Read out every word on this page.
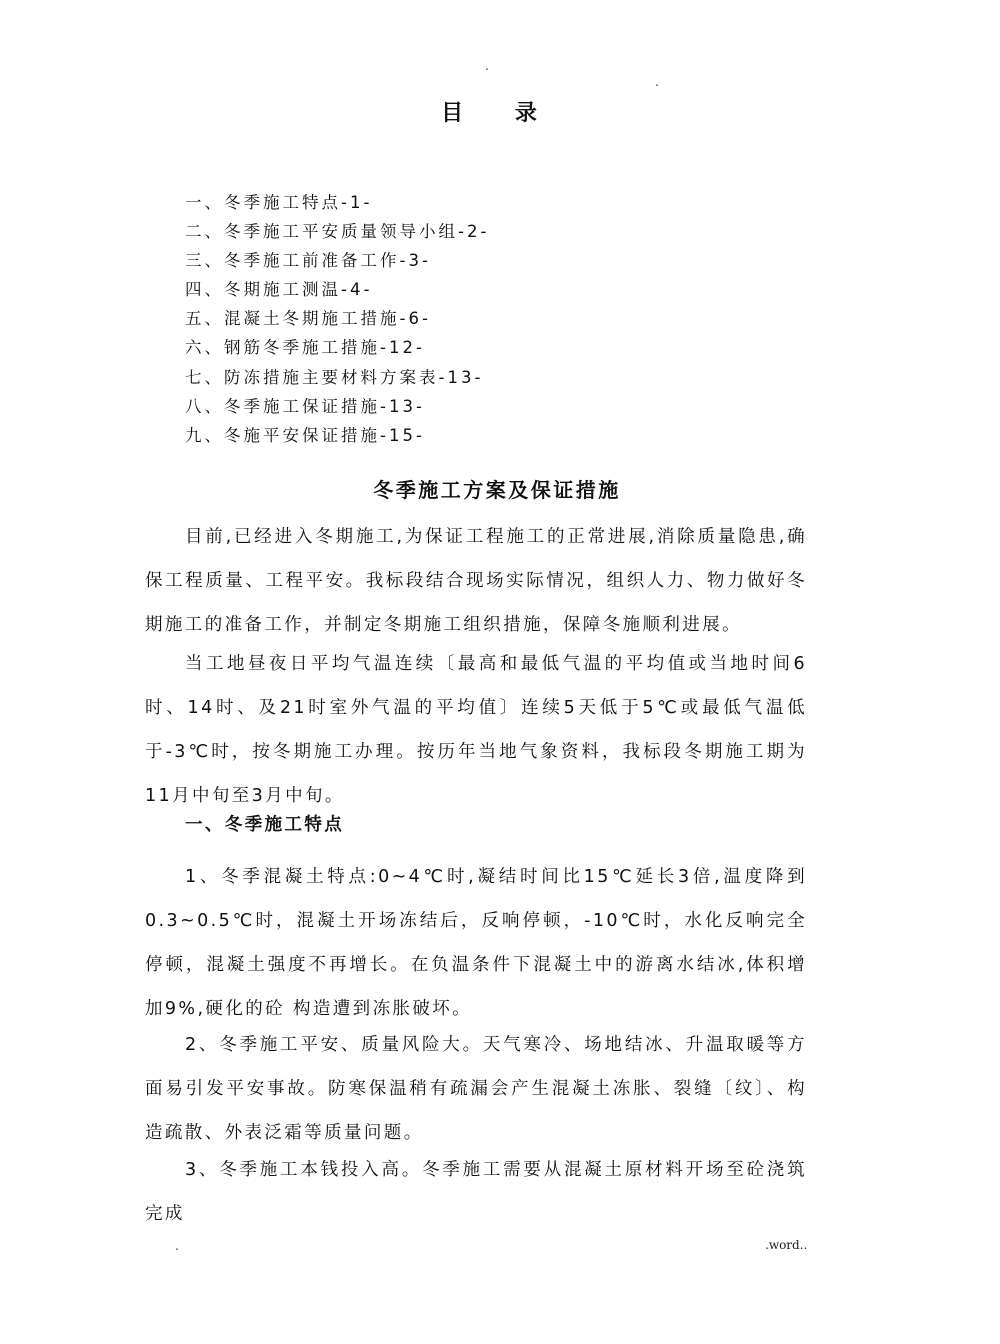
.
.
目 录
一、冬季施工特点-1-
二、冬季施工平安质量领导小组-2-
三、冬季施工前准备工作-3-
四、冬期施工测温-4-
五、混凝土冬期施工措施-6-
六、钢筋冬季施工措施-12-
七、防冻措施主要材料方案表-13-
八、冬季施工保证措施-13-
九、冬施平安保证措施-15-
冬季施工方案及保证措施

目前,已经进入冬期施工,为保证工程施工的正常进展,消除质量隐患,确保工程质量、工程平安。我标段结合现场实际情况，组织人力、物力做好冬期施工的准备工作，并制定冬期施工组织措施，保障冬施顺利进展。

当工地昼夜日平均气温连续〔最高和最低气温的平均值或当地时间6时、14时、及21时室外气温的平均值〕连续5天低于5℃或最低气温低于-3℃时，按冬期施工办理。按历年当地气象资料，我标段冬期施工期为11月中旬至3月中旬。

一、冬季施工特点

1、冬季混凝土特点:0~4℃时,凝结时间比15℃延长3倍,温度降到0.3~0.5℃时，混凝土开场冻结后，反响停顿，-10℃时，水化反响完全停顿，混凝土强度不再增长。在负温条件下混凝土中的游离水结冰,体积增加9%,硬化的砼 构造遭到冻胀破坏。

2、冬季施工平安、质量风险大。天气寒冷、场地结冰、升温取暖等方面易引发平安事故。防寒保温稍有疏漏会产生混凝土冻胀、裂缝〔纹〕、构造疏散、外表泛霜等质量问题。

3、冬季施工本钱投入高。冬季施工需要从混凝土原材料开场至砼浇筑完成

.	.word..
